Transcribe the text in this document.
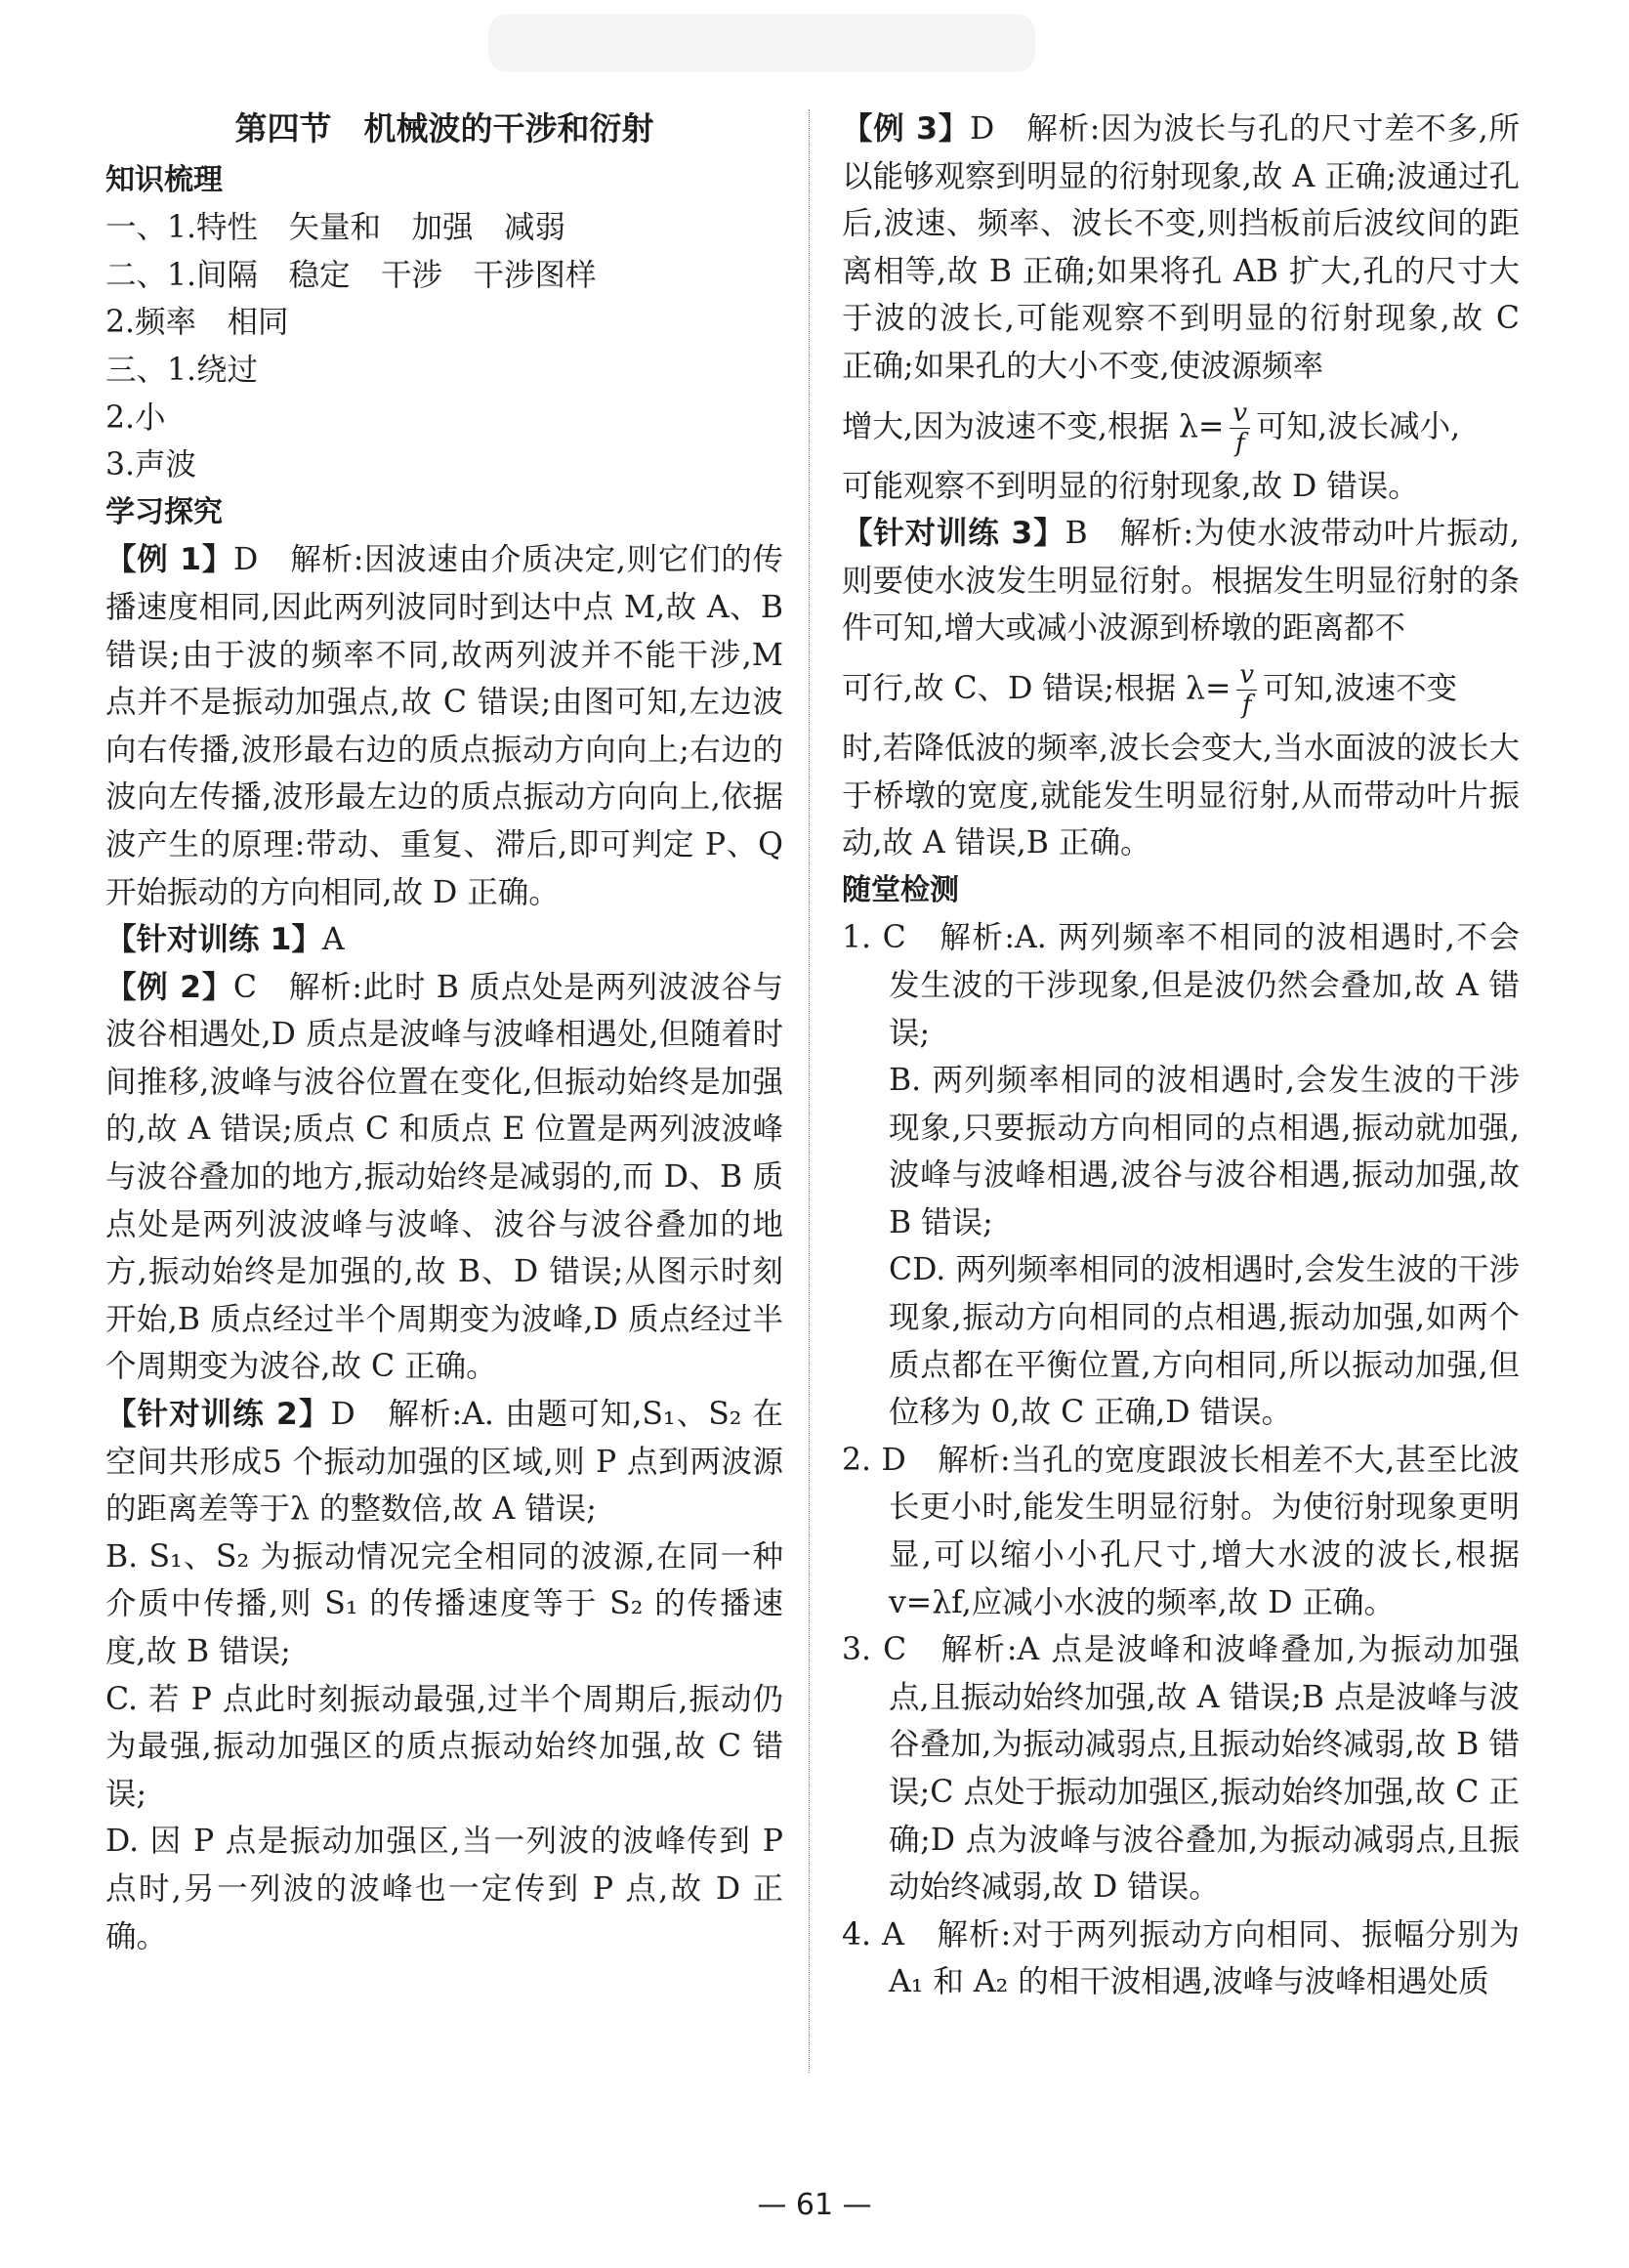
第四节　机械波的干涉和衍射
知识梳理

一、1.特性　矢量和　加强　减弱

二、1.间隔　稳定　干涉　干涉图样

2.频率　相同

三、1.绕过

2.小

3.声波

学习探究

【例 1】D　解析:因波速由介质决定,则它们的传播速度相同,因此两列波同时到达中点 M,故 A、B 错误;由于波的频率不同,故两列波并不能干涉,M 点并不是振动加强点,故 C 错误;由图可知,左边波向右传播,波形最右边的质点振动方向向上;右边的波向左传播,波形最左边的质点振动方向向上,依据波产生的原理:带动、重复、滞后,即可判定 P、Q 开始振动的方向相同,故 D 正确。

【针对训练 1】A

【例 2】C　解析:此时 B 质点处是两列波波谷与波谷相遇处,D 质点是波峰与波峰相遇处,但随着时间推移,波峰与波谷位置在变化,但振动始终是加强的,故 A 错误;质点 C 和质点 E 位置是两列波波峰与波谷叠加的地方,振动始终是减弱的,而 D、B 质点处是两列波波峰与波峰、波谷与波谷叠加的地方,振动始终是加强的,故 B、D 错误;从图示时刻开始,B 质点经过半个周期变为波峰,D 质点经过半个周期变为波谷,故 C 正确。

【针对训练 2】D　解析:A. 由题可知,S₁、S₂ 在空间共形成5 个振动加强的区域,则 P 点到两波源的距离差等于λ 的整数倍,故 A 错误;

B. S₁、S₂ 为振动情况完全相同的波源,在同一种介质中传播,则 S₁ 的传播速度等于 S₂ 的传播速度,故 B 错误;

C. 若 P 点此时刻振动最强,过半个周期后,振动仍为最强,振动加强区的质点振动始终加强,故 C 错误;

D. 因 P 点是振动加强区,当一列波的波峰传到 P 点时,另一列波的波峰也一定传到 P 点,故 D 正确。

【例 3】D　解析:因为波长与孔的尺寸差不多,所以能够观察到明显的衍射现象,故 A 正确;波通过孔后,波速、频率、波长不变,则挡板前后波纹间的距离相等,故 B 正确;如果将孔 AB 扩大,孔的尺寸大于波的波长,可能观察不到明显的衍射现象,故 C 正确;如果孔的大小不变,使波源频率

增大,因为波速不变,根据 $\lambda= \frac{v}{f}$ 可知,波长减小,

可能观察不到明显的衍射现象,故 D 错误。

【针对训练 3】B　解析:为使水波带动叶片振动,则要使水波发生明显衍射。根据发生明显衍射的条件可知,增大或减小波源到桥墩的距离都不

可行,故 C、D 错误;根据 $\lambda= \frac{v}{f}$ 可知,波速不变

时,若降低波的频率,波长会变大,当水面波的波长大于桥墩的宽度,就能发生明显衍射,从而带动叶片振动,故 A 错误,B 正确。

随堂检测

1. C　解析:A. 两列频率不相同的波相遇时,不会发生波的干涉现象,但是波仍然会叠加,故 A 错误;

B. 两列频率相同的波相遇时,会发生波的干涉现象,只要振动方向相同的点相遇,振动就加强,波峰与波峰相遇,波谷与波谷相遇,振动加强,故 B 错误;

CD. 两列频率相同的波相遇时,会发生波的干涉现象,振动方向相同的点相遇,振动加强,如两个质点都在平衡位置,方向相同,所以振动加强,但位移为 0,故 C 正确,D 错误。

2. D　解析:当孔的宽度跟波长相差不大,甚至比波长更小时,能发生明显衍射。为使衍射现象更明显,可以缩小小孔尺寸,增大水波的波长,根据 v=λf,应减小水波的频率,故 D 正确。

3. C　解析:A 点是波峰和波峰叠加,为振动加强点,且振动始终加强,故 A 错误;B 点是波峰与波谷叠加,为振动减弱点,且振动始终减弱,故 B 错误;C 点处于振动加强区,振动始终加强,故 C 正确;D 点为波峰与波谷叠加,为振动减弱点,且振动始终减弱,故 D 错误。

4. A　解析:对于两列振动方向相同、振幅分别为 A₁ 和 A₂ 的相干波相遇,波峰与波峰相遇处质

— 61 —
